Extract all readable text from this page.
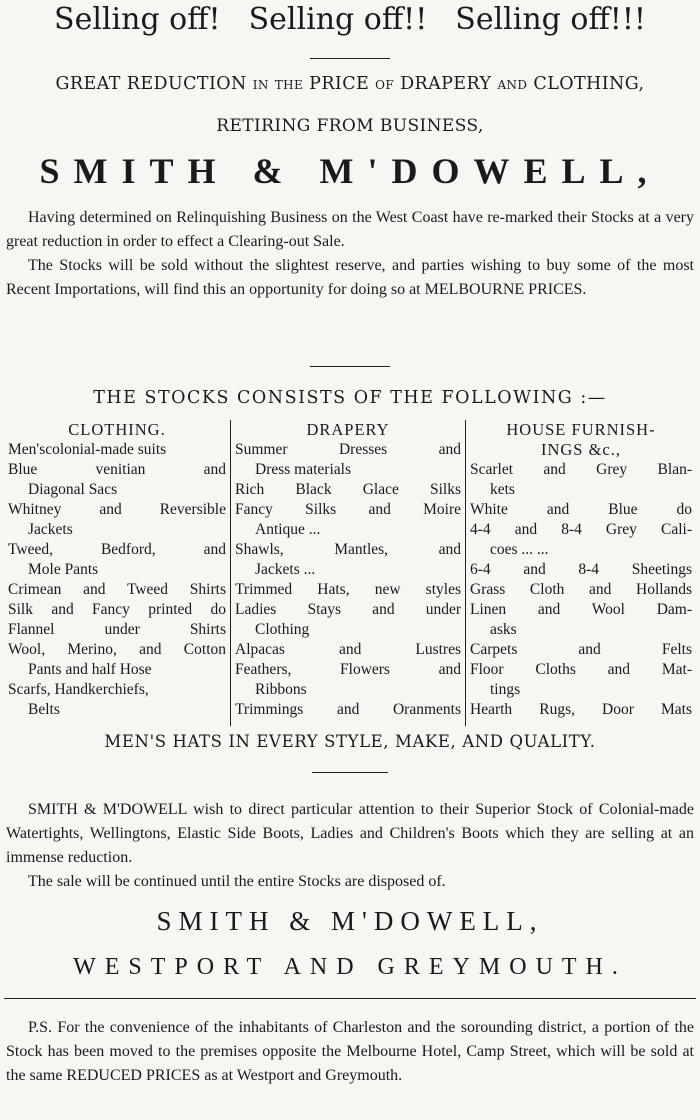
Selling off! Selling off!! Selling off!!!
GREAT REDUCTION IN THE PRICE OF DRAPERY AND CLOTHING,
RETIRING FROM BUSINESS,
SMITH & M'DOWELL,

Having determined on Relinquishing Business on the West Coast have re-marked their Stocks at a very great reduction in order to effect a Clearing-out Sale.

The Stocks will be sold without the slightest reserve, and parties wishing to buy some of the most Recent Importations, will find this an opportunity for doing so at MELBOURNE PRICES.

THE STOCKS CONSISTS OF THE FOLLOWING :—
CLOTHING.
Men'scolonial-made suits
Blue venitian and
Diagonal Sacs
Whitney and Reversible
Jackets
Tweed, Bedford, and
Mole Pants
Crimean and Tweed Shirts
Silk and Fancy printed do
Flannel under Shirts
Wool, Merino, and Cotton
Pants and half Hose
Scarfs, Handkerchiefs,
Belts
DRAPERY
Summer Dresses and
Dress materials
Rich Black Glace Silks
Fancy Silks and Moire
Antique ...
Shawls, Mantles, and
Jackets ...
Trimmed Hats, new styles
Ladies Stays and under
Clothing
Alpacas and Lustres
Feathers, Flowers and
Ribbons
Trimmings and Oranments
HOUSE FURNISH-
INGS &c.,
Scarlet and Grey Blan-
kets
White and Blue do
4-4 and 8-4 Grey Cali-
coes ... ...
6-4 and 8-4 Sheetings
Grass Cloth and Hollands
Linen and Wool Dam-
asks
Carpets and Felts
Floor Cloths and Mat-
tings
Hearth Rugs, Door Mats
MEN'S HATS IN EVERY STYLE, MAKE, AND QUALITY.

SMITH & M'DOWELL wish to direct particular attention to their Superior Stock of Colonial-made Watertights, Wellingtons, Elastic Side Boots, Ladies and Children's Boots which they are selling at an immense reduction.

The sale will be continued until the entire Stocks are disposed of.

SMITH & M'DOWELL,
WESTPORT AND GREYMOUTH.

P.S. For the convenience of the inhabitants of Charleston and the sorounding district, a portion of the Stock has been moved to the premises opposite the Melbourne Hotel, Camp Street, which will be sold at the same REDUCED PRICES as at Westport and Greymouth.
